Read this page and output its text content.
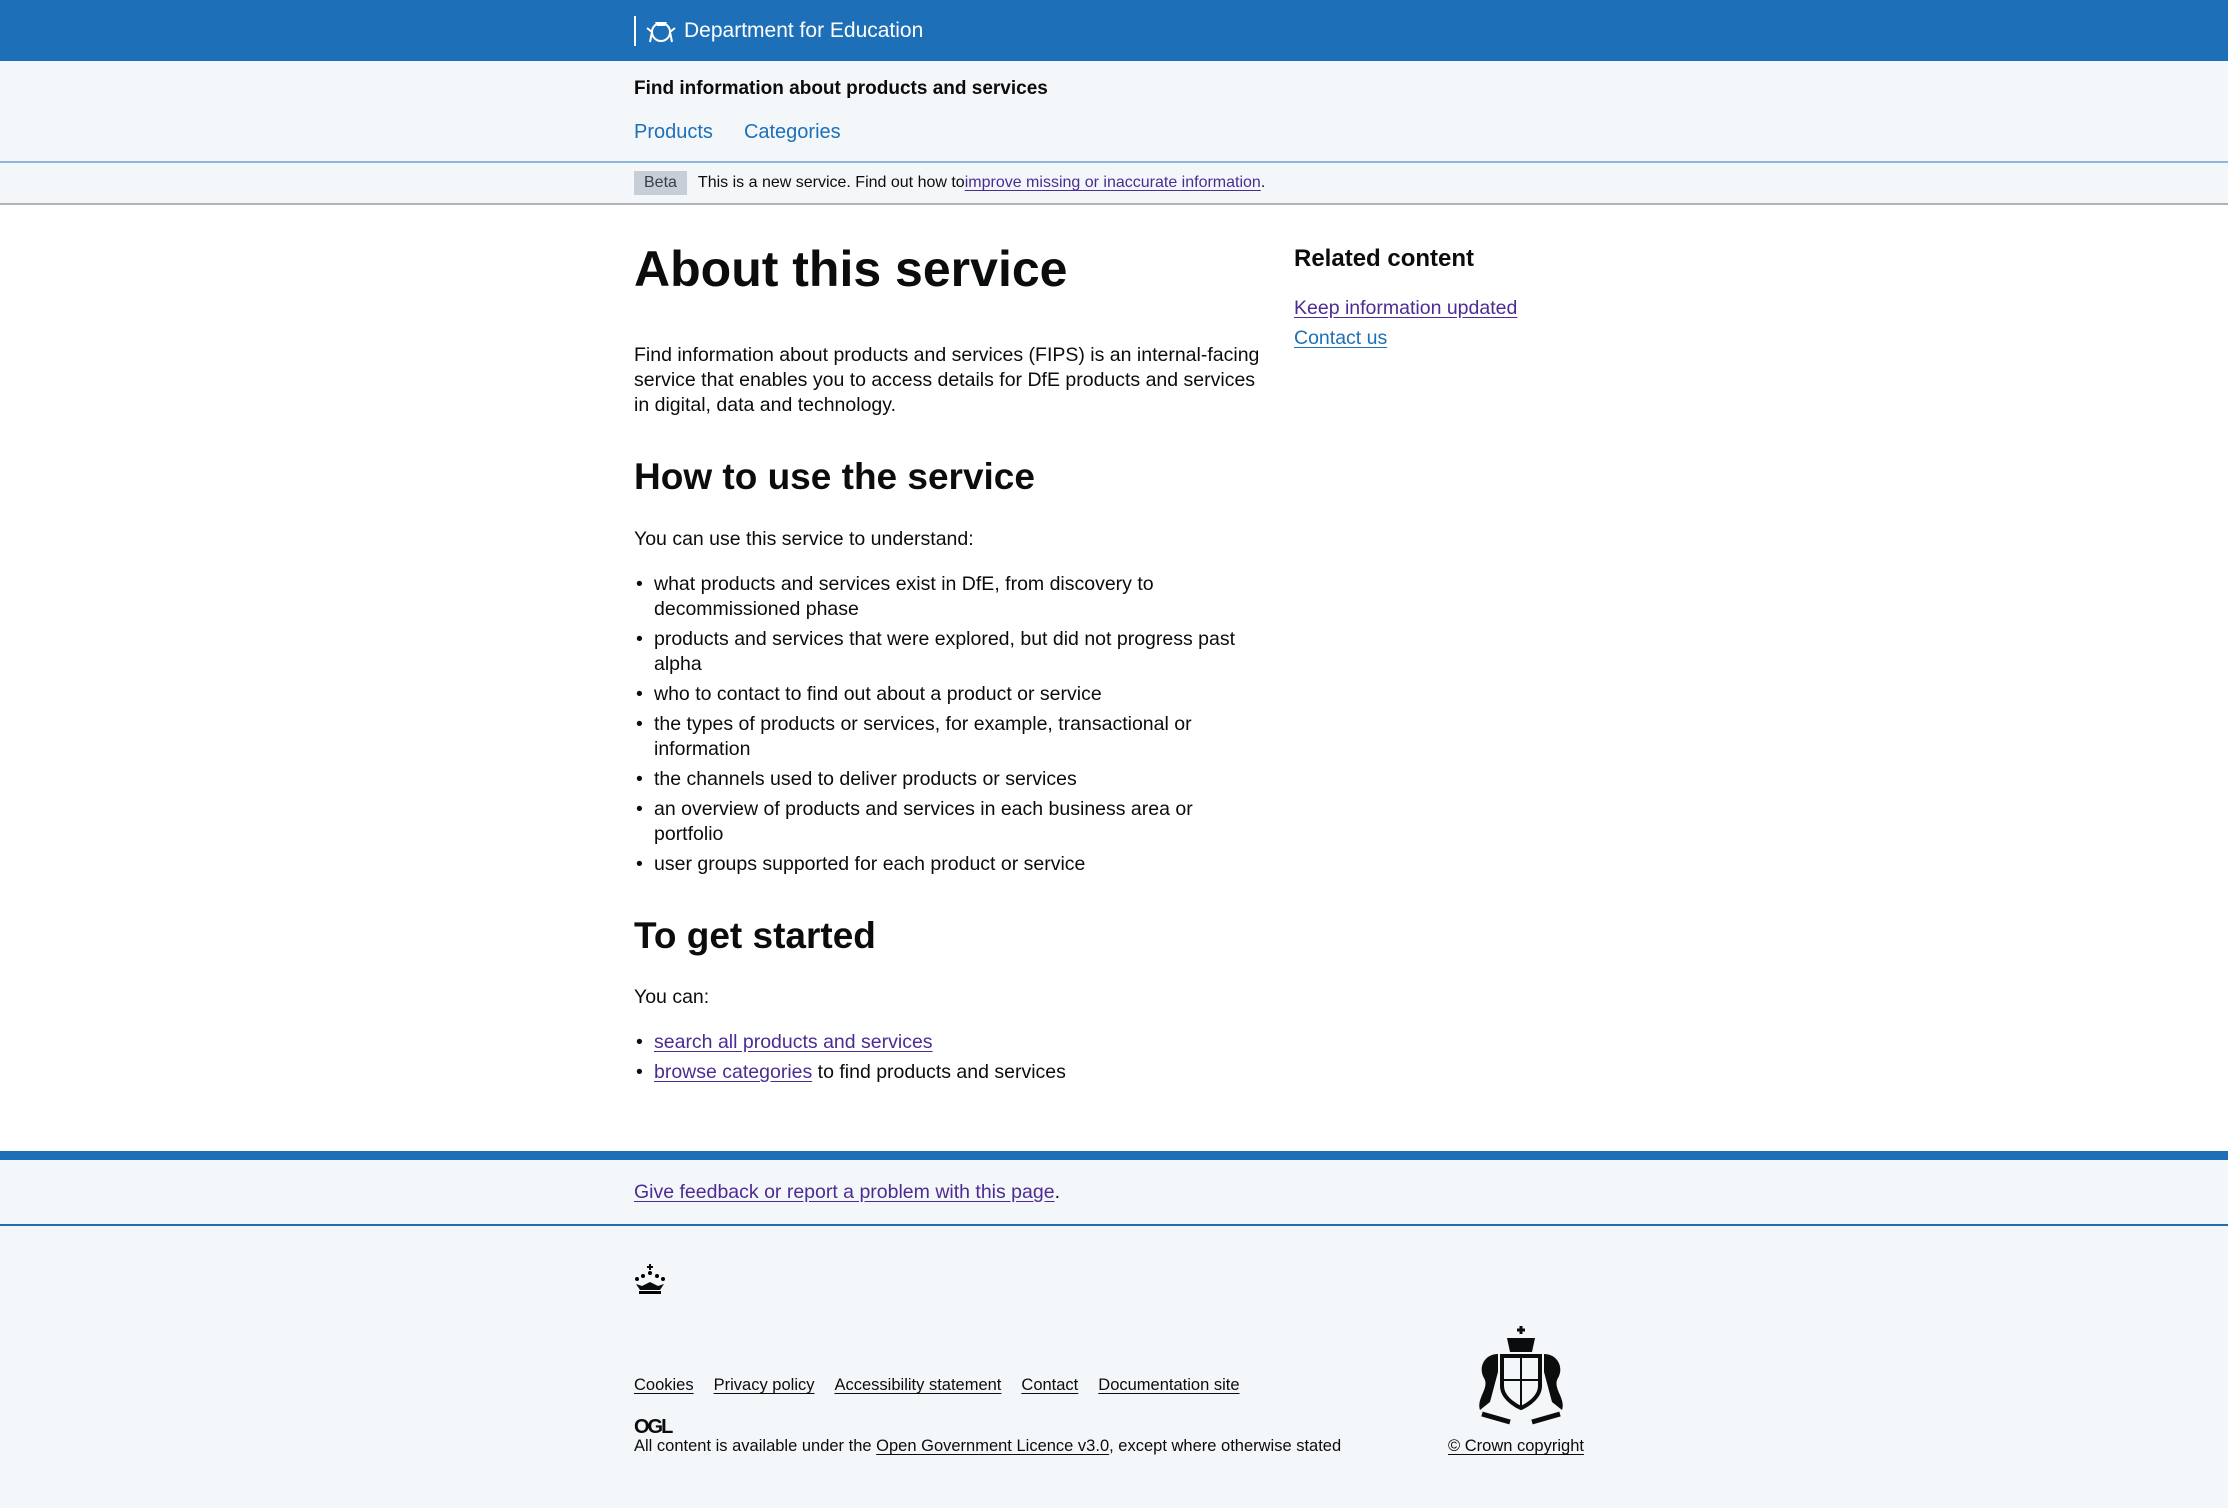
Department for Education
Find information about products and services
Products Categories
Beta	This is a new service. Find out how to improve missing or inaccurate information .
About this service

Find information about products and services (FIPS) is an internal-facing service that enables you to access details for DfE products and services in digital, data and technology.

How to use the service

You can use this service to understand:

• what products and services exist in DfE, from discovery to decommissioned phase
• products and services that were explored, but did not progress past alpha
• who to contact to find out about a product or service
• the types of products or services, for example, transactional or information
• the channels used to deliver products or services
• an overview of products and services in each business area or portfolio
• user groups supported for each product or service
To get started

You can:

• search all products and services
• browse categories to find products and services
Related content
Keep information updated
Contact us
Give feedback or report a problem with this page.
Cookies Privacy policy Accessibility statement Contact Documentation site
OGL
All content is available under the Open Government Licence v3.0, except where otherwise stated	© Crown copyright
